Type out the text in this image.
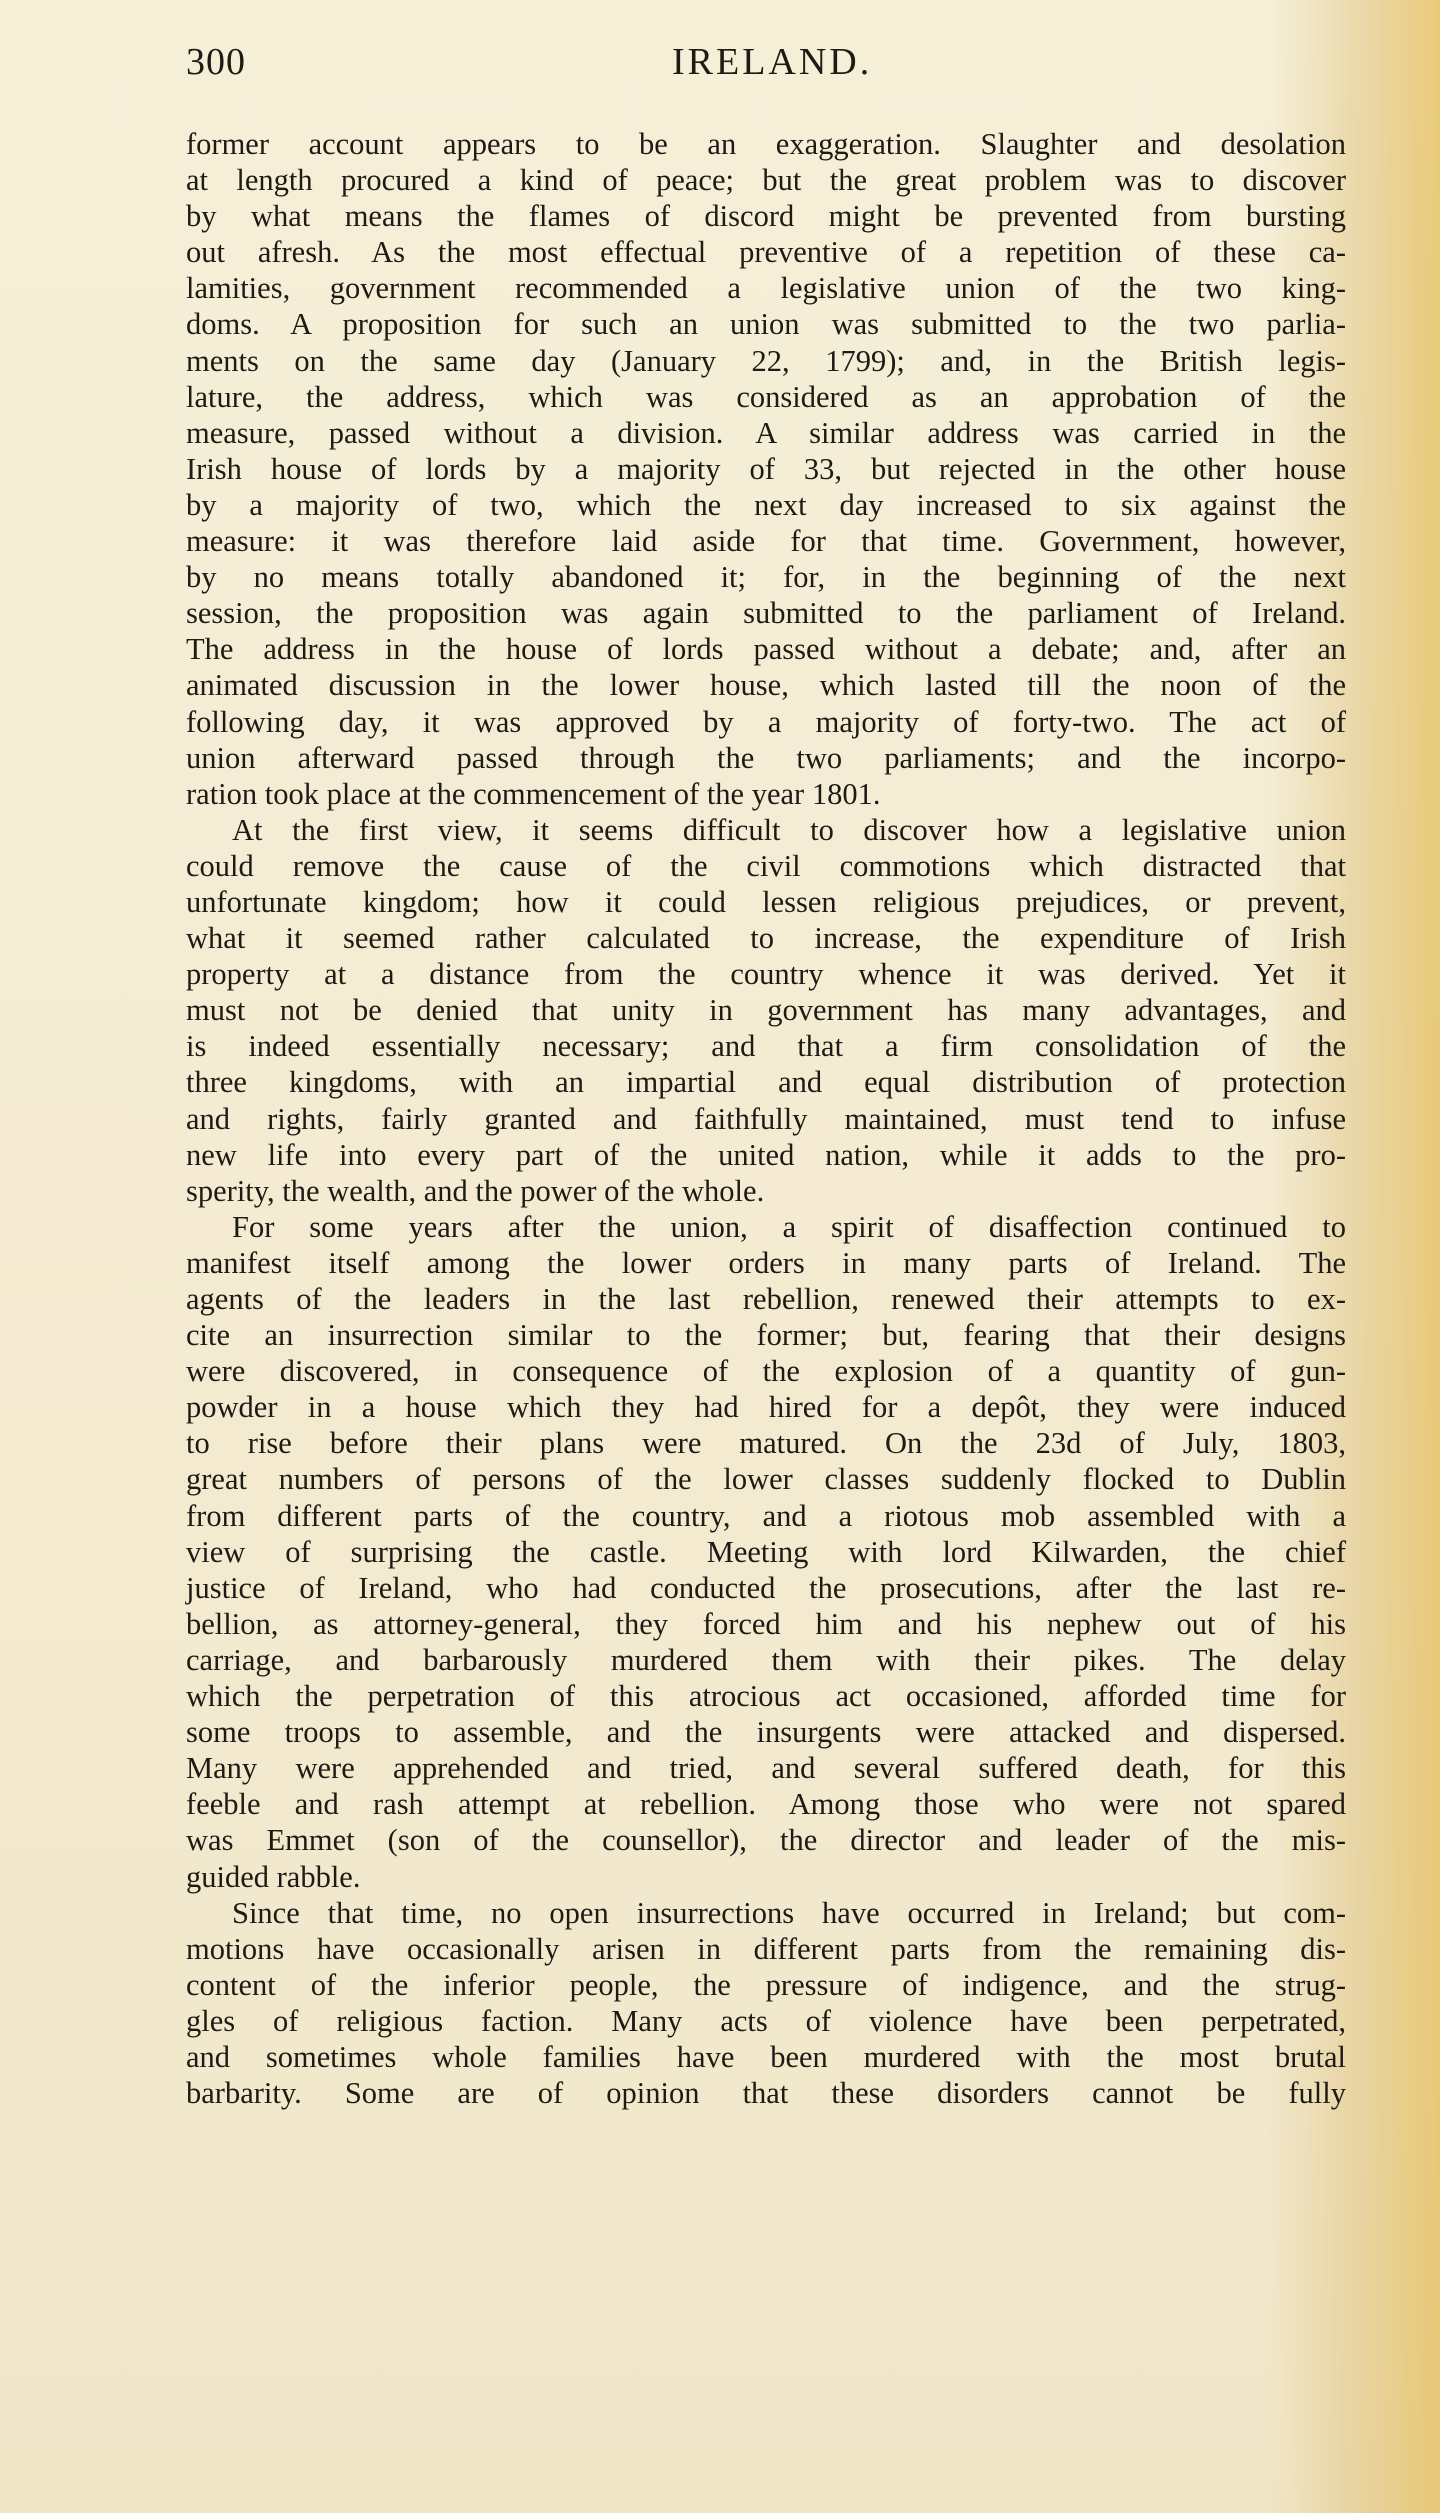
300	IRELAND.
former account appears to be an exaggeration. Slaughter and desolation
at length procured a kind of peace; but the great problem was to discover
by what means the flames of discord might be prevented from bursting
out afresh. As the most effectual preventive of a repetition of these ca-
lamities, government recommended a legislative union of the two king-
doms. A proposition for such an union was submitted to the two parlia-
ments on the same day (January 22, 1799); and, in the British legis-
lature, the address, which was considered as an approbation of the
measure, passed without a division. A similar address was carried in the
Irish house of lords by a majority of 33, but rejected in the other house
by a majority of two, which the next day increased to six against the
measure: it was therefore laid aside for that time. Government, however,
by no means totally abandoned it; for, in the beginning of the next
session, the proposition was again submitted to the parliament of Ireland.
The address in the house of lords passed without a debate; and, after an
animated discussion in the lower house, which lasted till the noon of the
following day, it was approved by a majority of forty-two. The act of
union afterward passed through the two parliaments; and the incorpo-
ration took place at the commencement of the year 1801.
At the first view, it seems difficult to discover how a legislative union
could remove the cause of the civil commotions which distracted that
unfortunate kingdom; how it could lessen religious prejudices, or prevent,
what it seemed rather calculated to increase, the expenditure of Irish
property at a distance from the country whence it was derived. Yet it
must not be denied that unity in government has many advantages, and
is indeed essentially necessary; and that a firm consolidation of the
three kingdoms, with an impartial and equal distribution of protection
and rights, fairly granted and faithfully maintained, must tend to infuse
new life into every part of the united nation, while it adds to the pro-
sperity, the wealth, and the power of the whole.
For some years after the union, a spirit of disaffection continued to
manifest itself among the lower orders in many parts of Ireland. The
agents of the leaders in the last rebellion, renewed their attempts to ex-
cite an insurrection similar to the former; but, fearing that their designs
were discovered, in consequence of the explosion of a quantity of gun-
powder in a house which they had hired for a depôt, they were induced
to rise before their plans were matured. On the 23d of July, 1803,
great numbers of persons of the lower classes suddenly flocked to Dublin
from different parts of the country, and a riotous mob assembled with a
view of surprising the castle. Meeting with lord Kilwarden, the chief
justice of Ireland, who had conducted the prosecutions, after the last re-
bellion, as attorney-general, they forced him and his nephew out of his
carriage, and barbarously murdered them with their pikes. The delay
which the perpetration of this atrocious act occasioned, afforded time for
some troops to assemble, and the insurgents were attacked and dispersed.
Many were apprehended and tried, and several suffered death, for this
feeble and rash attempt at rebellion. Among those who were not spared
was Emmet (son of the counsellor), the director and leader of the mis-
guided rabble.
Since that time, no open insurrections have occurred in Ireland; but com-
motions have occasionally arisen in different parts from the remaining dis-
content of the inferior people, the pressure of indigence, and the strug-
gles of religious faction. Many acts of violence have been perpetrated,
and sometimes whole families have been murdered with the most brutal
barbarity. Some are of opinion that these disorders cannot be fully
